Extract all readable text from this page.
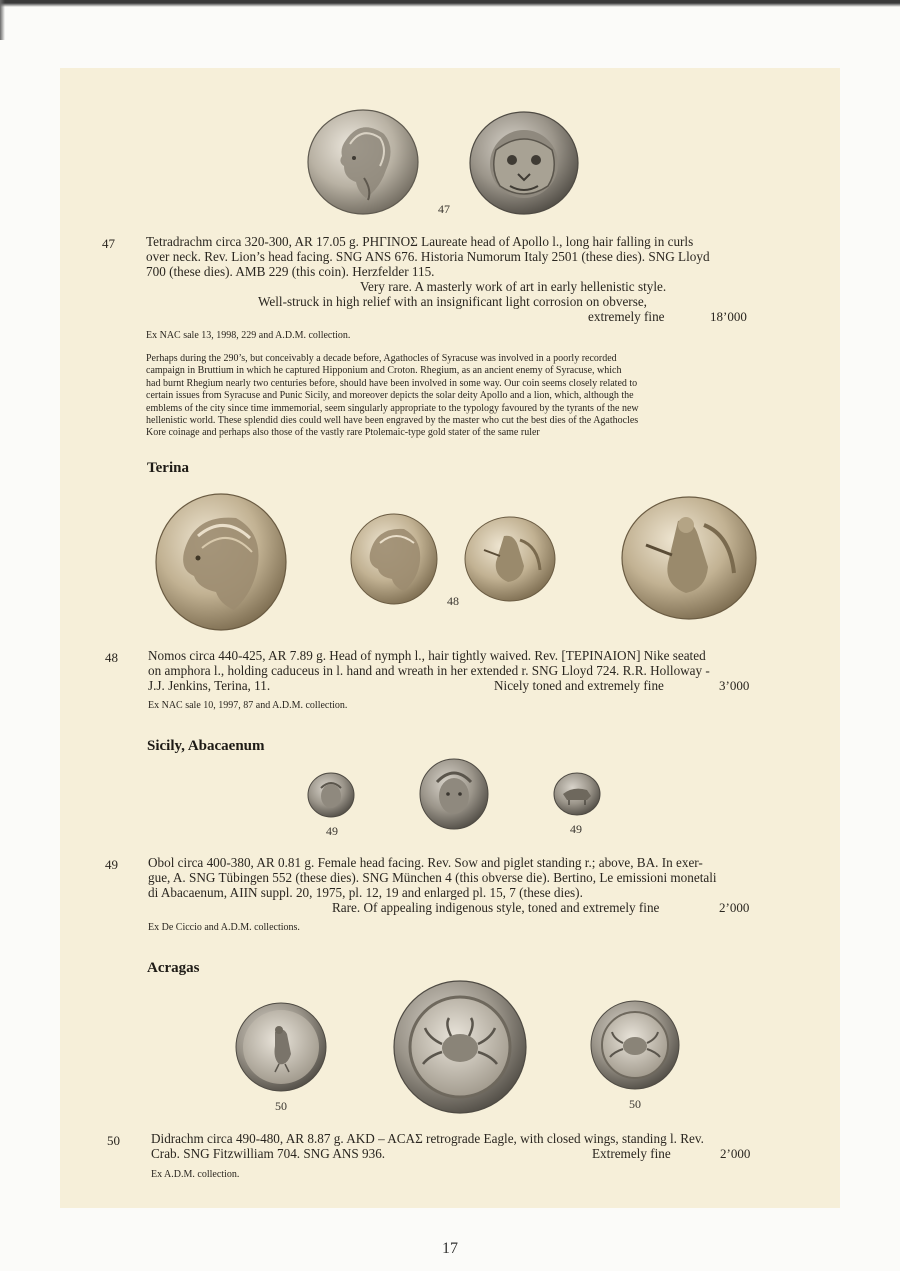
47
47 Tetradrachm circa 320-300, AR 17.05 g. ΡΗΓΙΝΟΣ Laureate head of Apollo l., long hair falling in curls
over neck. Rev. Lion’s head facing. SNG ANS 676. Historia Numorum Italy 2501 (these dies). SNG Lloyd
700 (these dies). AMB 229 (this coin). Herzfelder 115.
Very rare. A masterly work of art in early hellenistic style.
Well-struck in high relief with an insignificant light corrosion on obverse,
extremely fine	18’000
Ex NAC sale 13, 1998, 229 and A.D.M. collection.
Perhaps during the 290’s, but conceivably a decade before, Agathocles of Syracuse was involved in a poorly recorded
campaign in Bruttium in which he captured Hipponium and Croton. Rhegium, as an ancient enemy of Syracuse, which
had burnt Rhegium nearly two centuries before, should have been involved in some way. Our coin seems closely related to
certain issues from Syracuse and Punic Sicily, and moreover depicts the solar deity Apollo and a lion, which, although the
emblems of the city since time immemorial, seem singularly appropriate to the typology favoured by the tyrants of the new
hellenistic world. These splendid dies could well have been engraved by the master who cut the best dies of the Agathocles
Kore coinage and perhaps also those of the vastly rare Ptolemaic-type gold stater of the same ruler
Terina
48
48 Nomos circa 440-425, AR 7.89 g. Head of nymph l., hair tightly waived. Rev. [ΤΕΡΙΝΑΙΟΝ] Nike seated
on amphora l., holding caduceus in l. hand and wreath in her extended r. SNG Lloyd 724. R.R. Holloway -
J.J. Jenkins, Terina, 11.	Nicely toned and extremely fine	3’000
Ex NAC sale 10, 1997, 87 and A.D.M. collection.
Sicily, Abacaenum
49	49
49 Obol circa 400-380, AR 0.81 g. Female head facing. Rev. Sow and piglet standing r.; above, BA. In exer-
gue, A. SNG Tübingen 552 (these dies). SNG München 4 (this obverse die). Bertino, Le emissioni monetali
di Abacaenum, AIIN suppl. 20, 1975, pl. 12, 19 and enlarged pl. 15, 7 (these dies).
Rare. Of appealing indigenous style, toned and extremely fine	2’000
Ex De Ciccio and A.D.M. collections.
Acragas
50	50
50 Didrachm circa 490-480, AR 8.87 g. AKD – ACAΣ retrograde Eagle, with closed wings, standing l. Rev.
Crab. SNG Fitzwilliam 704. SNG ANS 936.	Extremely fine	2’000
Ex A.D.M. collection.
17
